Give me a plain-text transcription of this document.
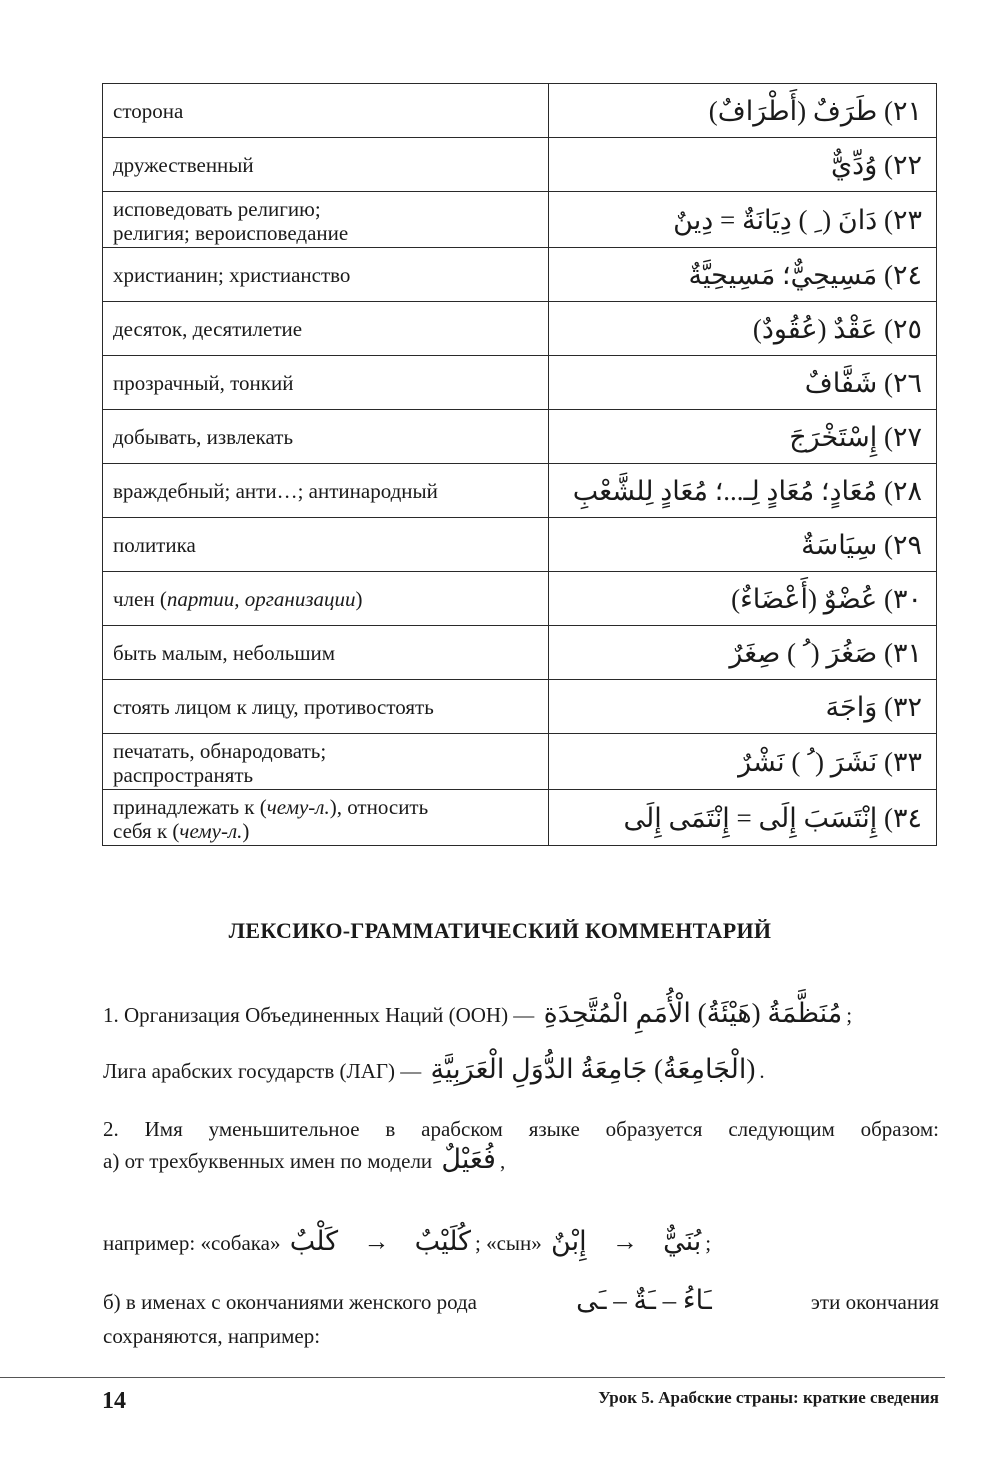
сторона	٢١) طَرَفٌ (أَطْرَافٌ)
дружественный	٢٢) وُدِّيٌّ
исповедовать религию;
религия; вероисповедание	٢٣) دَانَ ( ِ ) دِيَانَةٌ = دِينٌ
христианин; христианство	٢٤) مَسِيحِيٌّ؛ مَسِيحِيَّةٌ
десяток, десятилетие	٢٥) عَقْدٌ (عُقُودٌ)
прозрачный, тонкий	٢٦) شَفَّافٌ
добывать, извлекать	٢٧) إِسْتَخْرَجَ
враждебный; анти…; антинародный	٢٨) مُعَادٍ؛ مُعَادٍ لِـ...؛ مُعَادٍ لِلشَّعْبِ
политика	٢٩) سِيَاسَةٌ
член (партии, организации)	٣٠) عُضْوٌ (أَعْضَاءٌ)
быть малым, небольшим	٣١) صَغُرَ ( ُ ) صِغَرٌ
стоять лицом к лицу, противостоять	٣٢) وَاجَهَ
печатать, обнародовать;
распространять	٣٣) نَشَرَ ( ُ ) نَشْرٌ
принадлежать к (чему-л.), относить
себя к (чему-л.)	٣٤) إِنْتَسَبَ إِلَى = إِنْتَمَى إِلَى
ЛЕКСИКО-ГРАММАТИЧЕСКИЙ КОММЕНТАРИЙ
1. Организация Объединенных Наций (ООН) — مُنَظَّمَةُ (هَيْئَةُ) الْأُمَمِ الْمُتَّحِدَةِ ;
Лига арабских государств (ЛАГ) — (الْجَامِعَةُ) جَامِعَةُ الدُّوَلِ الْعَرَبِيَّةِ .
2. Имя уменьшительное в арабском языке образуется следующим образом:
а) от трехбуквенных имен по модели فُعَيْلٌ ,
например: «собака» كَلْبٌ → كُلَيْبٌ ; «сын» إِبْنٌ → بُنَيٌّ ;
б) в именах с окончаниями женского рода	ـَاءُ – ـَةٌ – ـَى	эти окончания
сохраняются, например:
14	Урок 5. Арабские страны: краткие сведения
